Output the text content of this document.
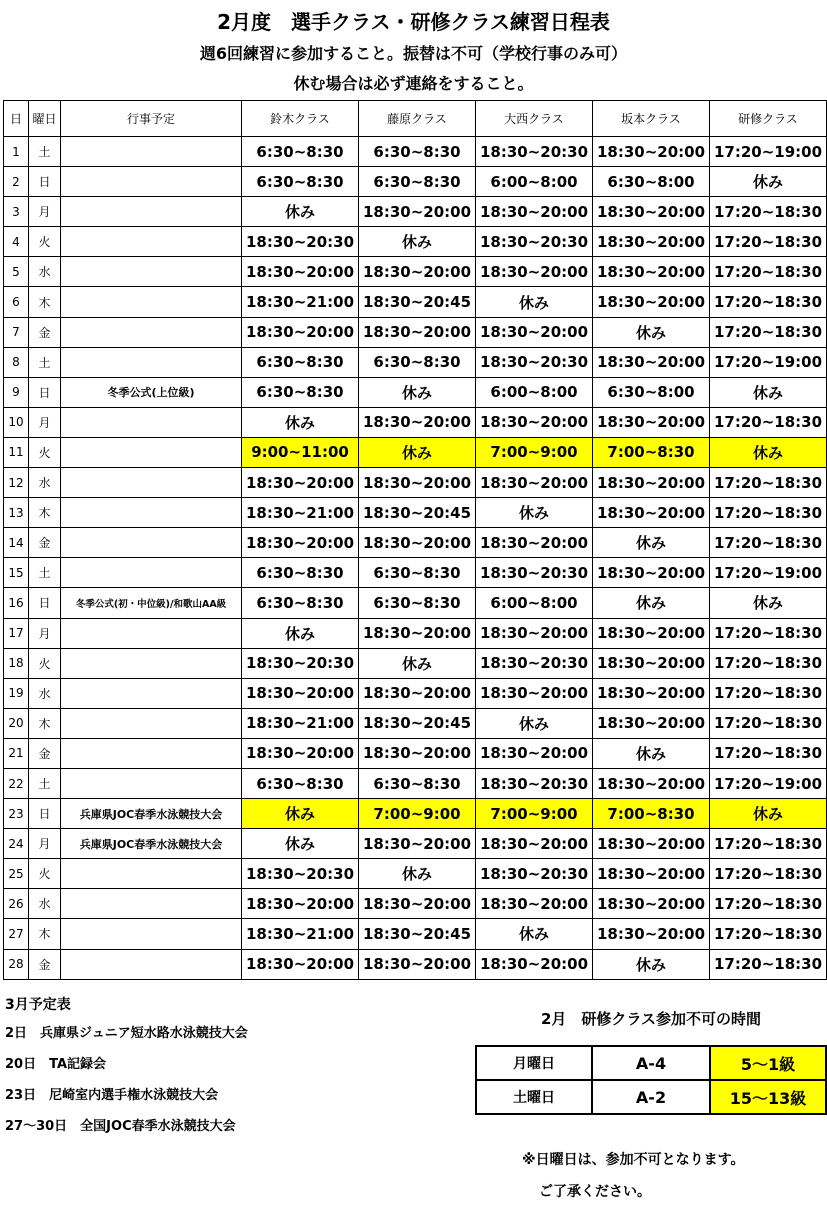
2月度　選手クラス・研修クラス練習日程表
週6回練習に参加すること。振替は不可（学校行事のみ可）
休む場合は必ず連絡をすること。
日	曜日	行事予定	鈴木クラス	藤原クラス	大西クラス	坂本クラス	研修クラス
1	土		6:30~8:30	6:30~8:30	18:30~20:30	18:30~20:00	17:20~19:00
2	日		6:30~8:30	6:30~8:30	6:00~8:00	6:30~8:00	休み
3	月		休み	18:30~20:00	18:30~20:00	18:30~20:00	17:20~18:30
4	火		18:30~20:30	休み	18:30~20:30	18:30~20:00	17:20~18:30
5	水		18:30~20:00	18:30~20:00	18:30~20:00	18:30~20:00	17:20~18:30
6	木		18:30~21:00	18:30~20:45	休み	18:30~20:00	17:20~18:30
7	金		18:30~20:00	18:30~20:00	18:30~20:00	休み	17:20~18:30
8	土		6:30~8:30	6:30~8:30	18:30~20:30	18:30~20:00	17:20~19:00
9	日	冬季公式(上位級)	6:30~8:30	休み	6:00~8:00	6:30~8:00	休み
10	月		休み	18:30~20:00	18:30~20:00	18:30~20:00	17:20~18:30
11	火		9:00~11:00	休み	7:00~9:00	7:00~8:30	休み
12	水		18:30~20:00	18:30~20:00	18:30~20:00	18:30~20:00	17:20~18:30
13	木		18:30~21:00	18:30~20:45	休み	18:30~20:00	17:20~18:30
14	金		18:30~20:00	18:30~20:00	18:30~20:00	休み	17:20~18:30
15	土		6:30~8:30	6:30~8:30	18:30~20:30	18:30~20:00	17:20~19:00
16	日	冬季公式(初・中位級)/和歌山AA級	6:30~8:30	6:30~8:30	6:00~8:00	休み	休み
17	月		休み	18:30~20:00	18:30~20:00	18:30~20:00	17:20~18:30
18	火		18:30~20:30	休み	18:30~20:30	18:30~20:00	17:20~18:30
19	水		18:30~20:00	18:30~20:00	18:30~20:00	18:30~20:00	17:20~18:30
20	木		18:30~21:00	18:30~20:45	休み	18:30~20:00	17:20~18:30
21	金		18:30~20:00	18:30~20:00	18:30~20:00	休み	17:20~18:30
22	土		6:30~8:30	6:30~8:30	18:30~20:30	18:30~20:00	17:20~19:00
23	日	兵庫県JOC春季水泳競技大会	休み	7:00~9:00	7:00~9:00	7:00~8:30	休み
24	月	兵庫県JOC春季水泳競技大会	休み	18:30~20:00	18:30~20:00	18:30~20:00	17:20~18:30
25	火		18:30~20:30	休み	18:30~20:30	18:30~20:00	17:20~18:30
26	水		18:30~20:00	18:30~20:00	18:30~20:00	18:30~20:00	17:20~18:30
27	木		18:30~21:00	18:30~20:45	休み	18:30~20:00	17:20~18:30
28	金		18:30~20:00	18:30~20:00	18:30~20:00	休み	17:20~18:30
3月予定表
2日　兵庫県ジュニア短水路水泳競技大会
20日　TA記録会
23日　尼崎室内選手権水泳競技大会
27～30日　全国JOC春季水泳競技大会
2月　研修クラス参加不可の時間
月曜日	A-4	5～1級
土曜日	A-2	15～13級
※日曜日は、参加不可となります。
ご了承ください。
